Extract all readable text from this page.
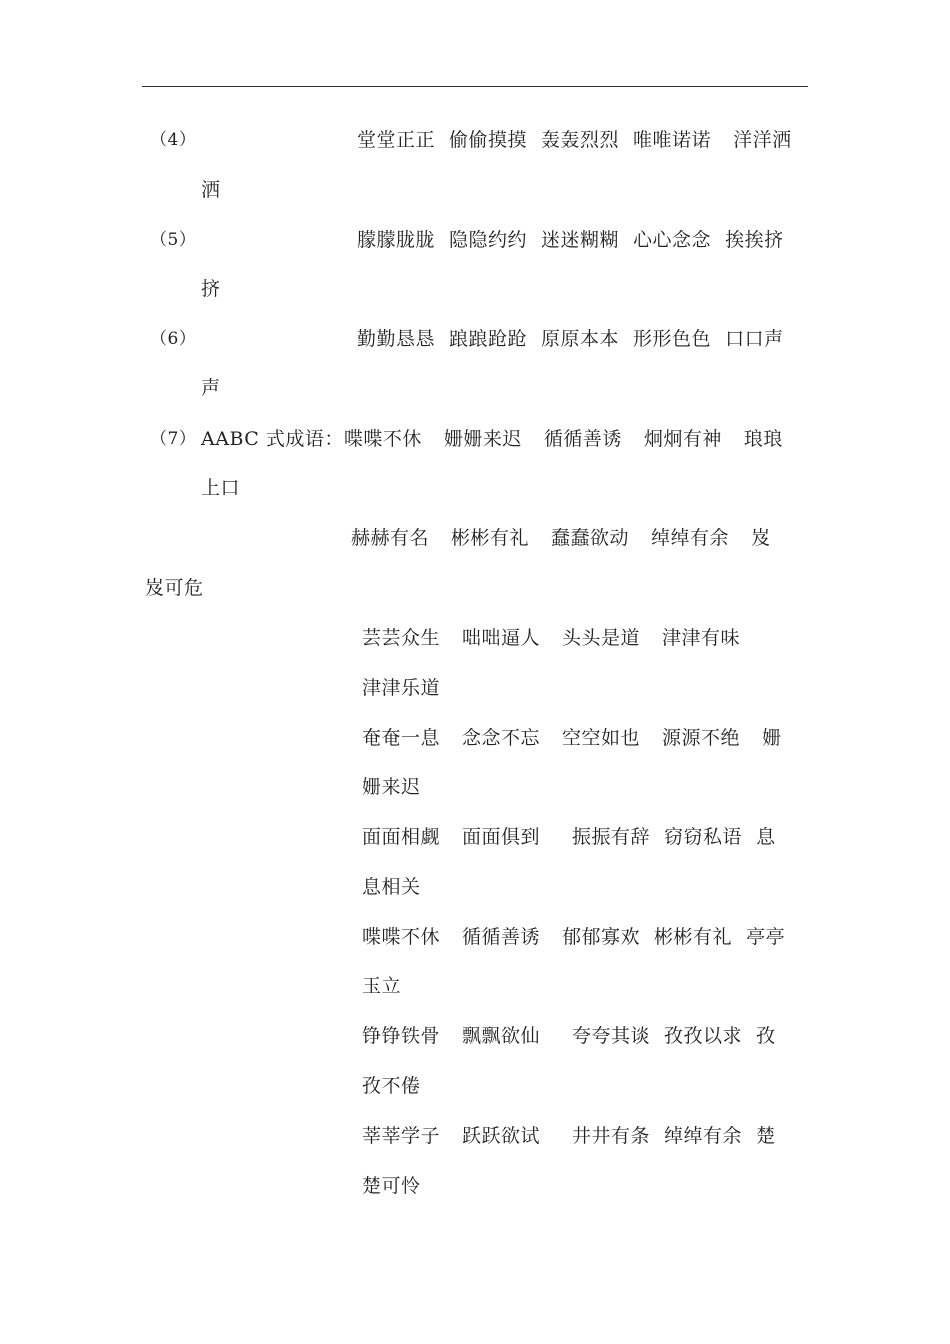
（4）	堂堂正正 偷偷摸摸 轰轰烈烈 唯唯诺诺 洋洋洒
洒
（5）	朦朦胧胧 隐隐约约 迷迷糊糊 心心念念 挨挨挤
挤
（6）	勤勤恳恳 踉踉跄跄 原原本本 形形色色 口口声
声
（7） AABC 式成语：喋喋不休 姗姗来迟 循循善诱 炯炯有神 琅琅
上口
赫赫有名 彬彬有礼 蠢蠢欲动 绰绰有余 岌
岌可危
芸芸众生 咄咄逼人 头头是道 津津有味
津津乐道
奄奄一息 念念不忘 空空如也 源源不绝 姗
姗来迟
面面相觑 面面俱到 振振有辞 窃窃私语 息
息相关
喋喋不休 循循善诱 郁郁寡欢 彬彬有礼 亭亭
玉立
铮铮铁骨 飘飘欲仙 夸夸其谈 孜孜以求 孜
孜不倦
莘莘学子 跃跃欲试 井井有条 绰绰有余 楚
楚可怜
